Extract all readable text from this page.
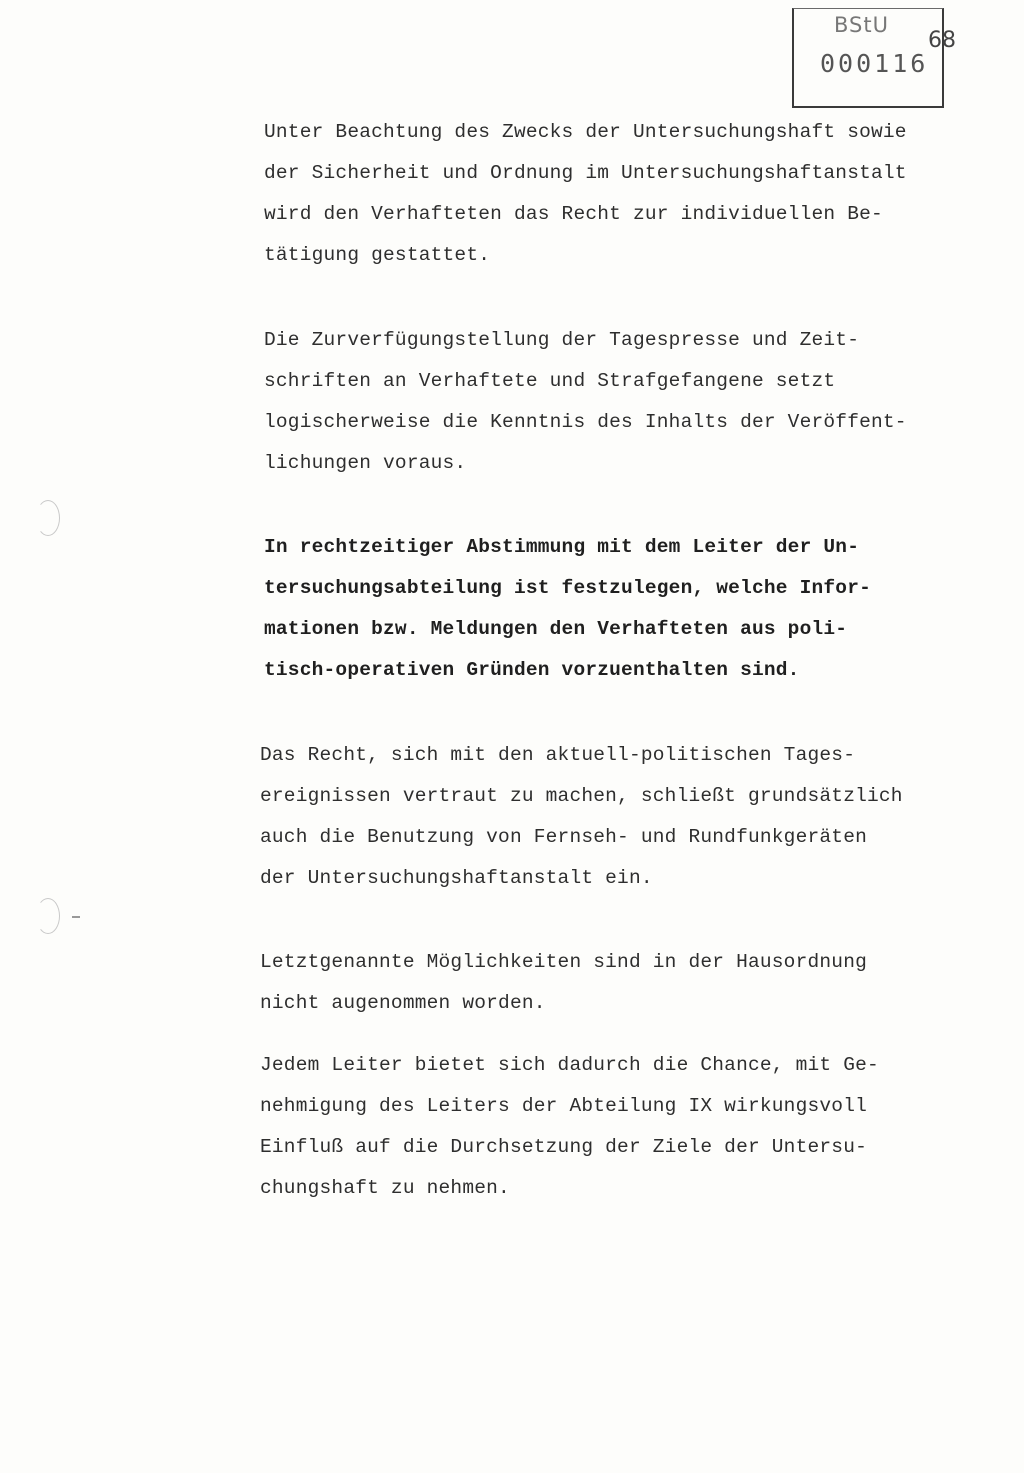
BStU
000116
68
Unter Beachtung des Zwecks der Untersuchungshaft sowie
der Sicherheit und Ordnung im Untersuchungshaftanstalt
wird den Verhafteten das Recht zur individuellen Be-
tätigung gestattet.
Die Zurverfügungstellung der Tagespresse und Zeit-
schriften an Verhaftete und Strafgefangene setzt
logischerweise die Kenntnis des Inhalts der Veröffent-
lichungen voraus.
In rechtzeitiger Abstimmung mit dem Leiter der Un-
tersuchungsabteilung ist festzulegen, welche Infor-
mationen bzw. Meldungen den Verhafteten aus poli-
tisch-operativen Gründen vorzuenthalten sind.
Das Recht, sich mit den aktuell-politischen Tages-
ereignissen vertraut zu machen, schließt grundsätzlich
auch die Benutzung von Fernseh- und Rundfunkgeräten
der Untersuchungshaftanstalt ein.
Letztgenannte Möglichkeiten sind in der Hausordnung
nicht augenommen worden.
Jedem Leiter bietet sich dadurch die Chance, mit Ge-
nehmigung des Leiters der Abteilung IX wirkungsvoll
Einfluß auf die Durchsetzung der Ziele der Untersu-
chungshaft zu nehmen.
